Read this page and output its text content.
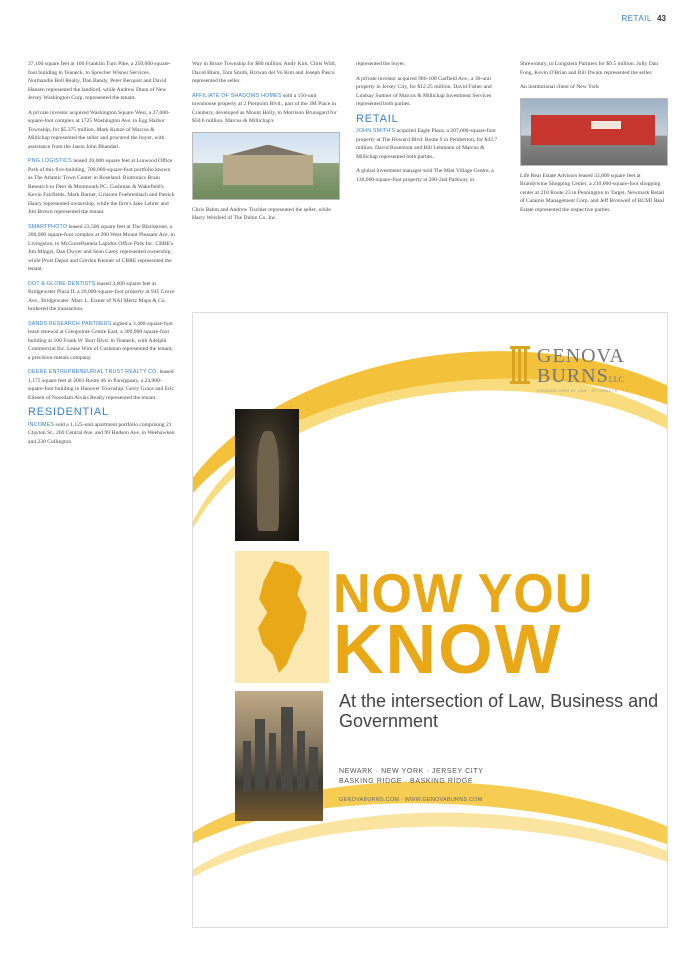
RETAIL 43

37,100 square feet at 100 Franklin Turn Pike, a 250,000 square-foot building in Teaneck, to Sprecher Wisner Services. Normandie Bell Realty, Dan Bandy, Peter Berquist and David Hansen represented the landlord, while Andrew Dunn of New Jersey Washington Corp. represented the tenant.

A private investor acquired Washington Square West, a 27,000-square-foot complex at 1725 Washington Ave. in Egg Harbor Township, for $5.375 million. Mark Kunze of Marcus & Millichap represented the seller and procured the buyer, with assistance from the Jason John Bhandari.

PNG LOGISTICS leased 26,000 square feet at Linwood Office Park of this five-building, 700,000-square-foot portfolio known as The Atlantic Town Center in Roseland. Biotronics Brain Research to Deer & Monmouth PC. Cushman & Wakefield's Kevin Fairfields, Mark Barnet, Grissom Foehrenbach and Patrick Haury represented ownership, while the firm's Jake Lehrer and Jim Brown represented the tenant.

SMARTPHOTO leased 23,500 square feet at The Blackstone, a 200,000 square-foot complex at 200 West Mount Pleasant Ave. in Livingston, to McGuirePamela Lapidus Office Park Inc. CBRE's Jim Mingis, Dan Dwyer and Sean Carey represented ownership, while Prost Depot and Gordon Kenner of CBRE represented the tenant.

DOT & GLOBE DENTISTS leased 3,600 square feet at Bridgewater Plaza II, a 20,000-square-foot property at 945 Grove Ave., Bridgewater. Marc L. Eisner of NAI Mertz Maps & Co. brokered the transaction.

SANDS RESEARCH PARTNERS signed a 3,400-square-foot lease renewal at Glenpointe Centre East, a 300,000 square-foot building at 100 Frank W. Burr Blvd. in Teaneck, with Adelphi Commercial Inc. Lease Wire of Cushman represented the tenant, a precision-metals company.

DEERE ENTREPRENEURIAL TRUST REALTY CO. leased 1,175 square feet at 2001 Route 46 in Parsippany, a 24,000-square-foot building in Hanover Township. Gerry Grace and Eric Eliesen of Noordam Alvais Realty represented the tenant.

RESIDENTIAL

INCOMES sold a 1,125-unit apartment portfolio comprising 21 Clayton St., 260 Central Ave. and 99 Hudson Ave. in Weehawken and 230 Collington

Way in Bruce Township for $80 million. Andy Kim, Chris Wild, David Blum, Tom Smith, Rizwan del Vo Kim and Joseph Pasco represented the seller.

AFFILIATE OF SHADOWS HOMES sold a 156-unit townhouse property at 2 Pierpoint Blvd., part of the 3M Place in Cranbury, developed as Mount Holly, to Morrison Brunsgard for $50.6 million. Marcus & Millichap's

Chris Bahm and Andrew Tischler represented the seller, while Harry Weisfeld of The Dubin Co. Inc.

represented the buyer.

A private investor acquired 986-108 Garfield Ave., a 30-unit property in Jersey City, for $12.25 million. David Fisher and Lindsay Suttner of Marcus & Millichap Investment Services represented both parties.

RETAIL

JOHN SMITH'S acquired Eagle Plaza, a 207,000-square-foot property at The Howard Blvd. Route 9 in Pemberton, for $43.7 million. David Rosemont and Bill Lehmann of Marcus & Millichap represented both parties.

A global investment manager sold The Mint Village Centre, a 130,000-square-foot property at 200-2nd Parkway in

Shrewsbury, to Longstein Partners for $9.5 million. Jolly Dan Fong, Kevin O'Brian and Bill Dwain represented the seller.

An institutional client of New York

Life Real Estate Advisors leased 33,000 square feet at Brandywine Shopping Center, a 210,000-square-foot shopping center at 210 Route 23 in Pennington to Target. Newmark Retail of Calamis Management Corp. and Jeff Bronwell of RCMJ Real Estate represented the respective parties.

GENOVA
BURNSLLC
COUNSELLORS AT LAW · ATTORNEYS
NOW YOU
KNOW
At the intersection of Law, Business and Government
NEWARK · NEW YORK · JERSEY CITY
BASKING RIDGE · BASKING RIDGE
GENOVABURNS.COM · WWW.GENOVABURNS.COM
